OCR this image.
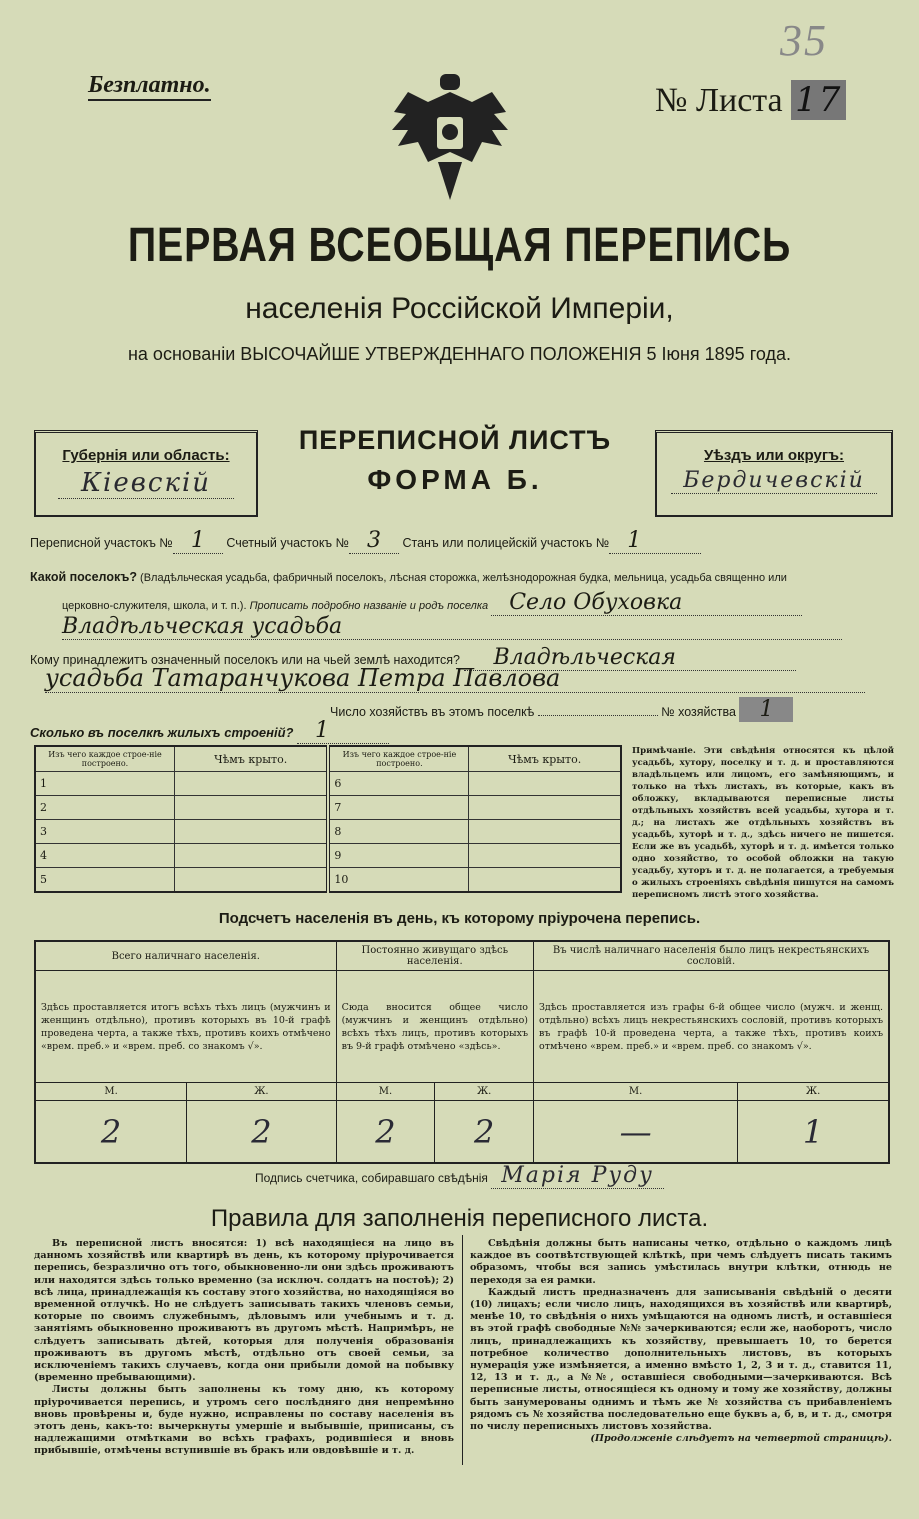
35
Безплатно.	№ Листа 17
ПЕРВАЯ ВСЕОБЩАЯ ПЕРЕПИСЬ
населенія Россійской Имперіи,
на основаніи ВЫСОЧАЙШЕ УТВЕРЖДЕННАГО ПОЛОЖЕНІЯ 5 Іюня 1895 года.
Губернія или область:
Кіевскій
ПЕРЕПИСНОЙ ЛИСТЪ
ФОРМА Б.
Уѣздъ или округъ:
Бердичевскій
Переписной участокъ № 1 Счетный участокъ № 3 Станъ или полицейскій участокъ № 1
Какой поселокъ? (Владѣльческая усадьба, фабричный поселокъ, лѣсная сторожка, желѣзнодорожная будка, мельница, усадьба священно или
церковно-служителя, школа, и т. п.). Прописать подробно названіе и родъ поселка Село Обуховка
Владѣльческая усадьба
Кому принадлежитъ означенный поселокъ или на чьей землѣ находится? Владѣльческая
усадьба Татаранчукова Петра Павлова
Число хозяйствъ въ этомъ поселкѣ	№ хозяйства 1
Сколько въ поселкѣ жилыхъ строеній? 1
Изъ чего каждое строе-ніе построено.	Чѣмъ крыто.	Изъ чего каждое строе-ніе построено.	Чѣмъ крыто.
1		6	
2		7	
3		8	
4		9	
5		10	
Примѣчаніе. Эти свѣдѣнія относятся къ цѣлой усадьбѣ, хутору, поселку и т. д. и проставляются владѣльцемъ или лицомъ, его замѣняющимъ, и только на тѣхъ листахъ, въ которые, какъ въ обложку, вкладываются переписные листы отдѣльныхъ хозяйствъ всей усадьбы, хутора и т. д.; на листахъ же отдѣльныхъ хозяйствъ въ усадьбѣ, хуторѣ и т. д., здѣсь ничего не пишется. Если же въ усадьбѣ, хуторѣ и т. д. имѣется только одно хозяйство, то особой обложки на такую усадьбу, хуторъ и т. д. не полагается, а требуемыя о жилыхъ строеніяхъ свѣдѣнія пишутся на самомъ переписномъ листѣ этого хозяйства.
Подсчетъ населенія въ день, къ которому пріурочена перепись.
Всего наличнаго населенія.		Постоянно живущаго здѣсь населенія.		Въ числѣ наличнаго населенія было лицъ некрестьянскихъ сословій.	
Здѣсь проставляется итогъ всѣхъ тѣхъ лицъ (мужчинъ и женщинъ отдѣльно), противъ которыхъ въ 10-й графѣ проведена черта, а также тѣхъ, противъ коихъ отмѣчено «врем. преб.» и «врем. преб. со знакомъ √».		Сюда вносится общее число (мужчинъ и женщинъ отдѣльно) всѣхъ тѣхъ лицъ, противъ которыхъ въ 9-й графѣ отмѣчено «здѣсь».		Здѣсь проставляется изъ графы 6-й общее число (мужч. и женщ. отдѣльно) всѣхъ лицъ некрестьянскихъ сословій, противъ которыхъ въ графѣ 10-й проведена черта, а также тѣхъ, противъ коихъ отмѣчено «врем. преб.» и «врем. преб. со знакомъ √».	
М.	Ж.	М.	Ж.	М.	Ж.
2	2	2	2	—	1
Подпись счетчика, собиравшаго свѣдѣнія Марія Руду
Правила для заполненія переписного листа.

Въ переписной листъ вносятся: 1) всѣ находящіеся на лицо въ данномъ хозяйствѣ или квартирѣ въ день, къ которому пріурочивается перепись, безразлично отъ того, обыкновенно-ли они здѣсь проживаютъ или находятся здѣсь только временно (за исключ. солдатъ на постоѣ); 2) всѣ лица, принадлежащія къ составу этого хозяйства, но находящіяся во временной отлучкѣ. Но не слѣдуетъ записывать такихъ членовъ семьи, которые по своимъ служебнымъ, дѣловымъ или учебнымъ и т. д. занятіямъ обыкновенно проживаютъ въ другомъ мѣстѣ. Напримѣръ, не слѣдуетъ записывать дѣтей, которыя для полученія образованія проживаютъ въ другомъ мѣстѣ, отдѣльно отъ своей семьи, за исключеніемъ такихъ случаевъ, когда они прибыли домой на побывку (временно пребывающими).

Листы должны быть заполнены къ тому дню, къ которому пріурочивается перепись, и утромъ сего послѣдняго дня непремѣнно вновь провѣрены и, буде нужно, исправлены по составу населенія въ этотъ день, какъ-то: вычеркнуты умершіе и выбывшіе, приписаны, съ надлежащими отмѣтками во всѣхъ графахъ, родившіеся и вновь прибывшіе, отмѣчены вступившіе въ бракъ или овдовѣвшіе и т. д.

Свѣдѣнія должны быть написаны четко, отдѣльно о каждомъ лицѣ каждое въ соотвѣтствующей клѣткѣ, при чемъ слѣдуетъ писать такимъ образомъ, чтобы вся запись умѣстилась внутри клѣтки, отнюдь не переходя за ея рамки.

Каждый листъ предназначенъ для записыванія свѣдѣній о десяти (10) лицахъ; если число лицъ, находящихся въ хозяйствѣ или квартирѣ, менѣе 10, то свѣдѣнія о нихъ умѣщаются на одномъ листѣ, и оставшіеся въ этой графѣ свободные №№ зачеркиваются; если же, наоборотъ, число лицъ, принадлежащихъ къ хозяйству, превышаетъ 10, то берется потребное количество дополнительныхъ листовъ, въ которыхъ нумерація уже измѣняется, а именно вмѣсто 1, 2, 3 и т. д., ставится 11, 12, 13 и т. д., а №№, оставшіеся свободными—зачеркиваются. Всѣ переписные листы, относящіеся къ одному и тому же хозяйству, должны быть занумерованы однимъ и тѣмъ же № хозяйства съ прибавленіемъ рядомъ съ № хозяйства последовательно еще буквъ а, б, в, и т. д., смотря по числу переписныхъ листовъ хозяйства.

(Продолженіе слѣдуетъ на четвертой страницѣ).
